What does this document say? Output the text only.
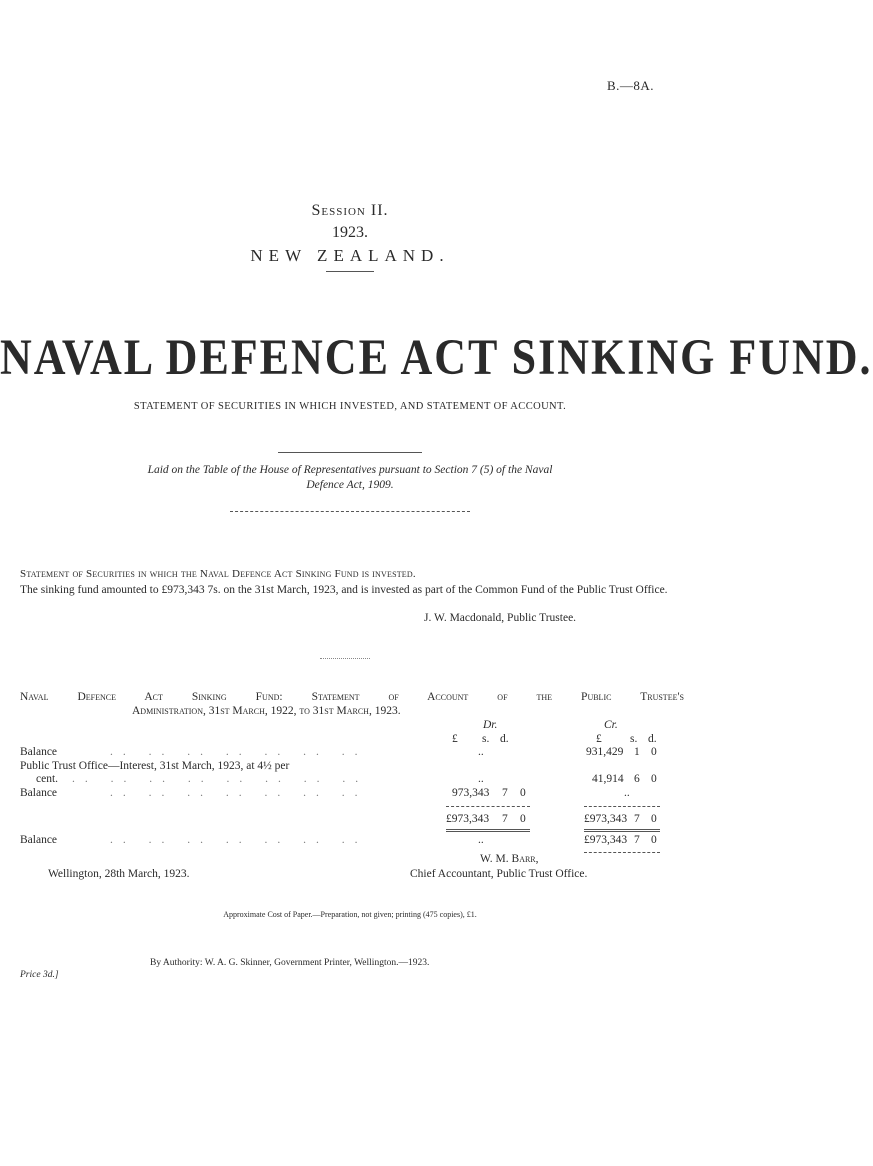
B.—8A.
Session II.
1923.
NEW ZEALAND.
NAVAL DEFENCE ACT SINKING FUND.
STATEMENT OF SECURITIES IN WHICH INVESTED, AND STATEMENT OF ACCOUNT.
Laid on the Table of the House of Representatives pursuant to Section 7 (5) of the Naval
Defence Act, 1909.
Statement of Securities in which the Naval Defence Act Sinking Fund is invested.
The sinking fund amounted to £973,343 7s. on the 31st March, 1923, and is invested as part of the Common Fund of the Public Trust Office.
J. W. Macdonald, Public Trustee.
Naval Defence Act Sinking Fund: Statement of Account of the Public Trustee's
Administration, 31st March, 1922, to 31st March, 1923.
Dr.	Cr.
£ s. d.	£ s. d.
Balance	.. .. .. .. .. .. ..	..	931,429 1 0
Public Trust Office—Interest, 31st March, 1923, at 4½ per
cent. .. .. .. .. .. .. .. ..	..	41,914 6 0
Balance	.. .. .. .. .. .. ..	973,343 7 0	..
£973,343 7 0	£973,343 7 0
Balance	.. .. .. .. .. .. ..	..	£973,343 7 0
W. M. Barr,
Chief Accountant, Public Trust Office.
Wellington, 28th March, 1923.
Approximate Cost of Paper.—Preparation, not given; printing (475 copies), £1.
By Authority: W. A. G. Skinner, Government Printer, Wellington.—1923.
Price 3d.]
